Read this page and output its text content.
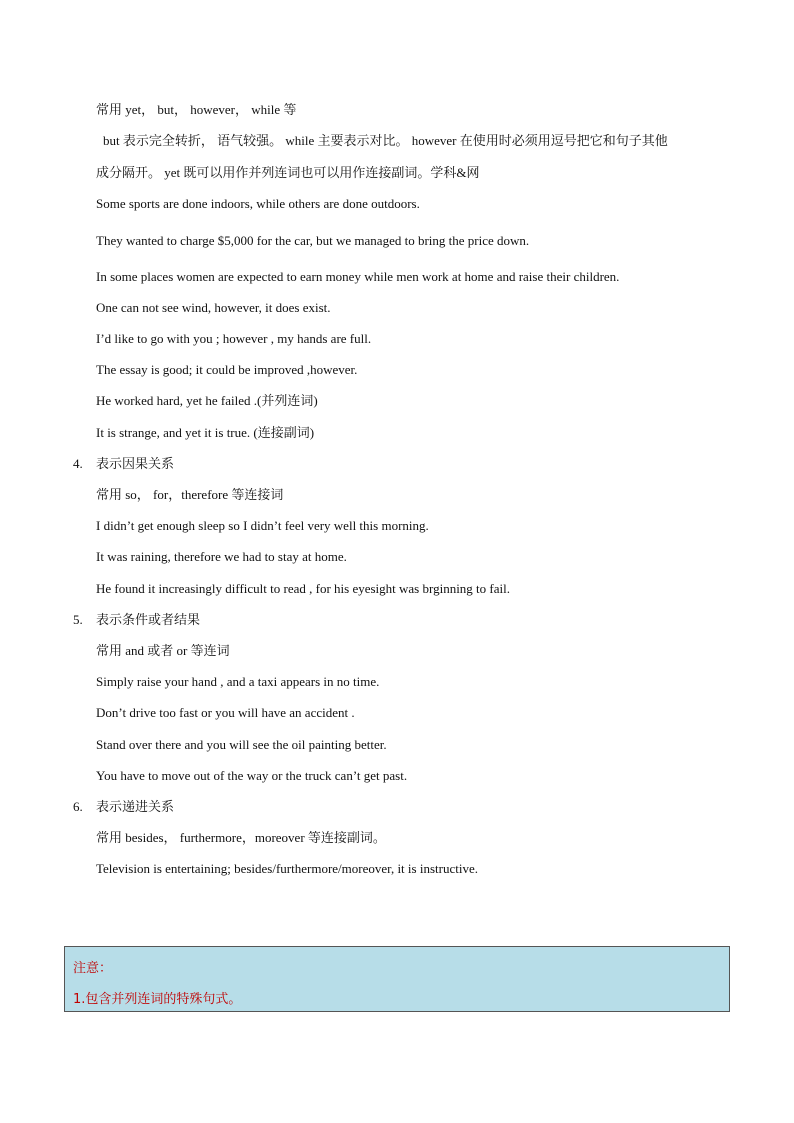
常用 yet， but， however， while 等
but 表示完全转折， 语气较强。 while 主要表示对比。 however 在使用时必须用逗号把它和句子其他
成分隔开。 yet 既可以用作并列连词也可以用作连接副词。学科&网
Some sports are done indoors, while others are done outdoors.
They wanted to charge $5,000 for the car, but we managed to bring the price down.
In some places women are expected to earn money while men work at home and raise their children.
One can not see wind, however, it does exist.
I’d like to go with you ; however , my hands are full.
The essay is good; it could be improved ,however.
He worked hard, yet he failed .(并列连词)
It is strange, and yet it is true. (连接副词)
4. 表示因果关系
常用 so， for，therefore 等连接词
I didn’t get enough sleep so I didn’t feel very well this morning.
It was raining, therefore we had to stay at home.
He found it increasingly difficult to read , for his eyesight was brginning to fail.
5. 表示条件或者结果
常用 and 或者 or 等连词
Simply raise your hand , and a taxi appears in no time.
Don’t drive too fast or you will have an accident .
Stand over there and you will see the oil painting better.
You have to move out of the way or the truck can’t get past.
6. 表示递进关系
常用 besides， furthermore，moreover 等连接副词。
Television is entertaining; besides/furthermore/moreover, it is instructive.
注意：
1.包含并列连词的特殊句式。
